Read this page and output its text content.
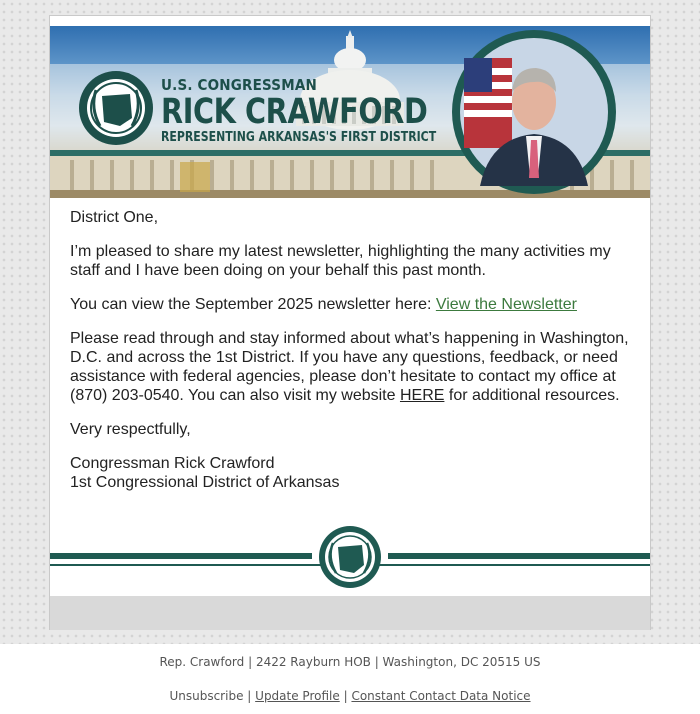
U.S. CONGRESSMAN
RICK CRAWFORD
REPRESENTING ARKANSAS'S FIRST DISTRICT

District One,

I’m pleased to share my latest newsletter, highlighting the many activities my staff and I have been doing on your behalf this past month.

You can view the September 2025 newsletter here: View the Newsletter

Please read through and stay informed about what’s happening in Washington, D.C. and across the 1st District. If you have any questions, feedback, or need assistance with federal agencies, please don’t hesitate to contact my office at (870) 203-0540. You can also visit my website HERE for additional resources.

Very respectfully,

Congressman Rick Crawford
1st Congressional District of Arkansas

Rep. Crawford | 2422 Rayburn HOB | Washington, DC 20515 US
Unsubscribe | Update Profile | Constant Contact Data Notice
